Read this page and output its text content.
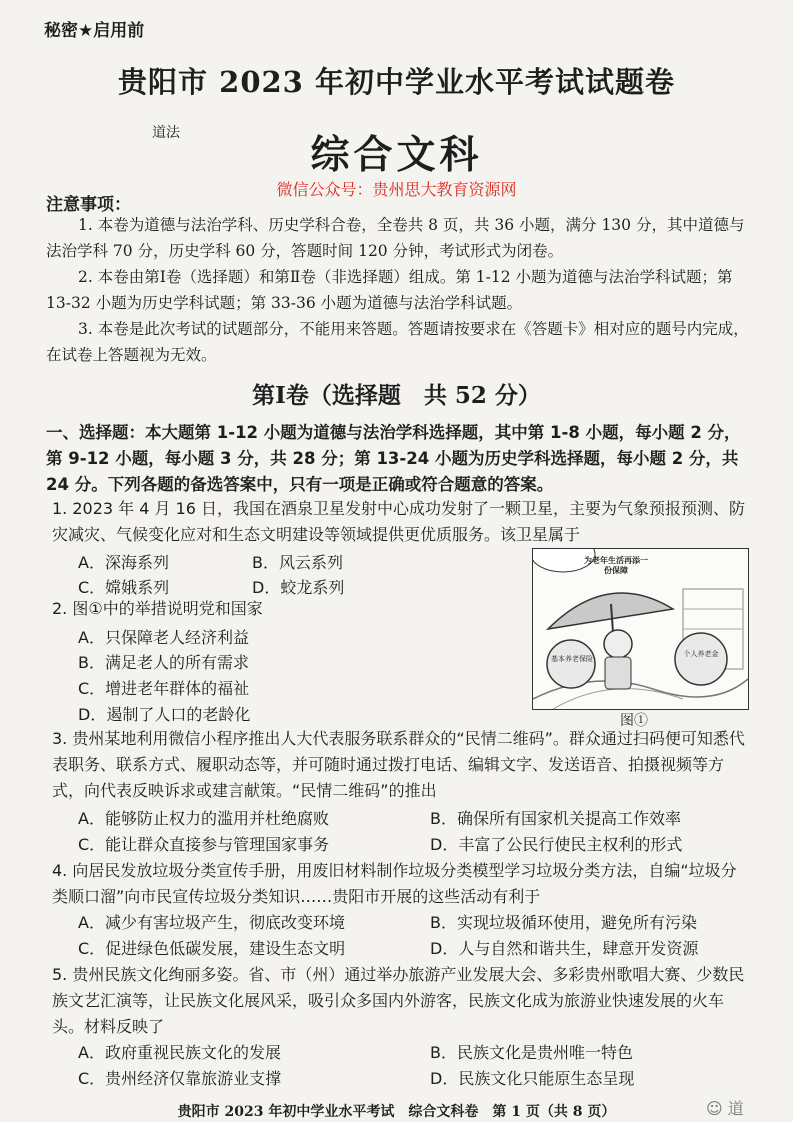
秘密★启用前
贵阳市 2023 年初中学业水平考试试题卷
道法	综合文科
微信公众号：贵州思大教育资源网
注意事项：
1. 本卷为道德与法治学科、历史学科合卷，全卷共 8 页，共 36 小题，满分 130 分，其中道德与法治学科 70 分，历史学科 60 分，答题时间 120 分钟，考试形式为闭卷。
2. 本卷由第Ⅰ卷（选择题）和第Ⅱ卷（非选择题）组成。第 1-12 小题为道德与法治学科试题；第 13-32 小题为历史学科试题；第 33-36 小题为道德与法治学科试题。
3. 本卷是此次考试的试题部分，不能用来答题。答题请按要求在《答题卡》相对应的题号内完成，在试卷上答题视为无效。
第Ⅰ卷（选择题　共 52 分）
一、选择题：本大题第 1-12 小题为道德与法治学科选择题，其中第 1-8 小题，每小题 2 分，第 9-12 小题，每小题 3 分，共 28 分；第 13-24 小题为历史学科选择题，每小题 2 分，共 24 分。下列各题的备选答案中，只有一项是正确或符合题意的答案。
1. 2023 年 4 月 16 日，我国在酒泉卫星发射中心成功发射了一颗卫星，主要为气象预报预测、防灾减灾、气候变化应对和生态文明建设等领域提供更优质服务。该卫星属于
A．深海系列	B．风云系列
C．嫦娥系列	D．蛟龙系列
2. 图①中的举措说明党和国家
A．只保障老人经济利益
B．满足老人的所有需求
C．增进老年群体的福祉
D．遏制了人口的老龄化
为老年生活再添一份保障
基本养老保险
个人养老金
图①
3. 贵州某地利用微信小程序推出人大代表服务联系群众的“民情二维码”。群众通过扫码便可知悉代表职务、联系方式、履职动态等，并可随时通过拨打电话、编辑文字、发送语音、拍摄视频等方式，向代表反映诉求或建言献策。“民情二维码”的推出
A．能够防止权力的滥用并杜绝腐败	B．确保所有国家机关提高工作效率
C．能让群众直接参与管理国家事务	D．丰富了公民行使民主权利的形式
4. 向居民发放垃圾分类宣传手册，用废旧材料制作垃圾分类模型学习垃圾分类方法，自编“垃圾分类顺口溜”向市民宣传垃圾分类知识……贵阳市开展的这些活动有利于
A．减少有害垃圾产生，彻底改变环境	B．实现垃圾循环使用，避免所有污染
C．促进绿色低碳发展，建设生态文明	D．人与自然和谐共生，肆意开发资源
5. 贵州民族文化绚丽多姿。省、市（州）通过举办旅游产业发展大会、多彩贵州歌唱大赛、少数民族文艺汇演等，让民族文化展风采，吸引众多国内外游客，民族文化成为旅游业快速发展的火车头。材料反映了
A．政府重视民族文化的发展	B．民族文化是贵州唯一特色
C．贵州经济仅靠旅游业支撑	D．民族文化只能原生态呈现
贵阳市 2023 年初中学业水平考试　综合文科卷　第 1 页（共 8 页）	☺ 道
